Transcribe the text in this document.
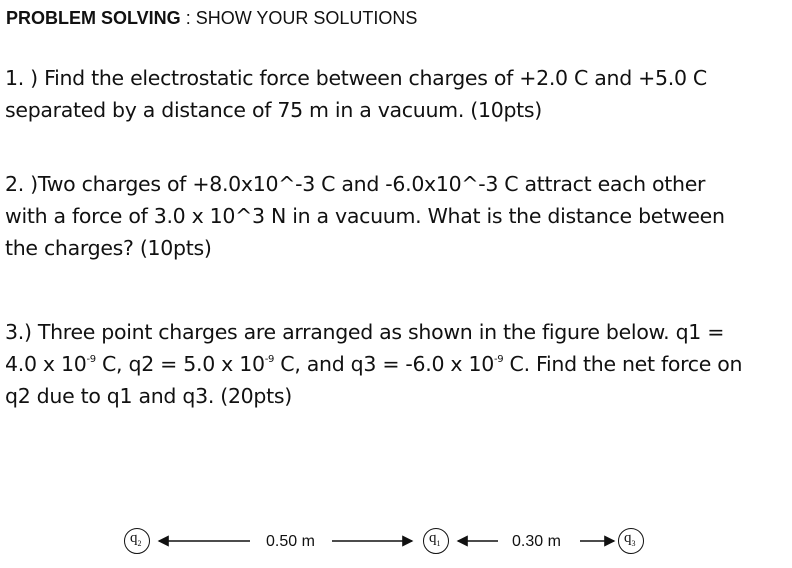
PROBLEM SOLVING : SHOW YOUR SOLUTIONS
1. ) Find the electrostatic force between charges of +2.0 C and +5.0 C
separated by a distance of 75 m in a vacuum. (10pts)
2. )Two charges of +8.0x10^-3 C and -6.0x10^-3 C attract each other
with a force of 3.0 x 10^3 N in a vacuum. What is the distance between
the charges? (10pts)
3.) Three point charges are arranged as shown in the figure below. q1 =
4.0 x $10^{-9}$ C, q2 = 5.0 x $10^{-9}$ C, and q3 = -6.0 x $10^{-9}$ C. Find the net force on
q2 due to q1 and q3. (20pts)
$q_2$	0.50 m	$q_1$	0.30 m	$q_3$
